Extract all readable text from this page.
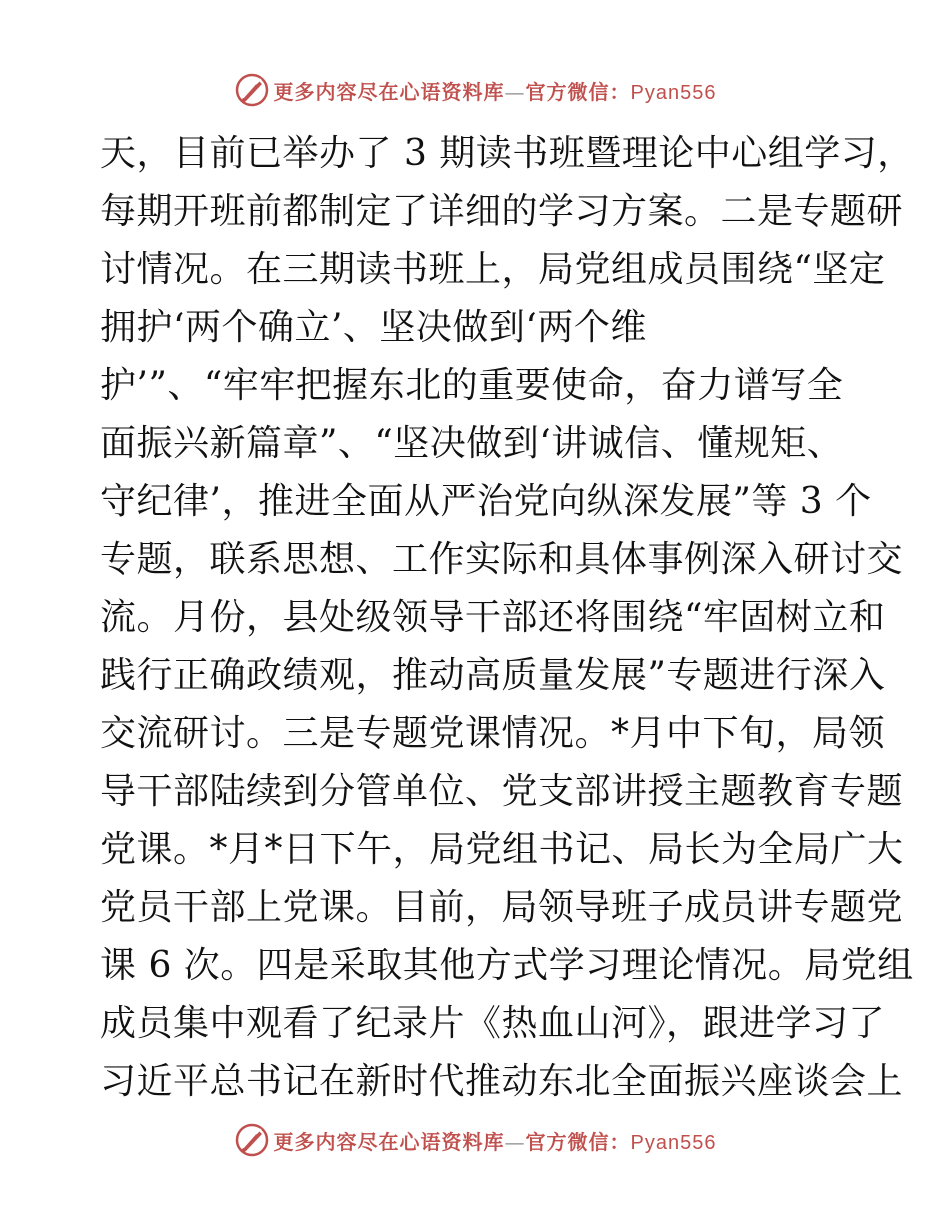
更多内容尽在心语资料库—官方微信：Pyan556
天，目前已举办了 3 期读书班暨理论中心组学习，
每期开班前都制定了详细的学习方案。二是专题研
讨情况。在三期读书班上，局党组成员围绕“坚定
拥护‘两个确立’、坚决做到‘两个维
护’”、“牢牢把握东北的重要使命，奋力谱写全
面振兴新篇章”、“坚决做到‘讲诚信、懂规矩、
守纪律’，推进全面从严治党向纵深发展”等 3 个
专题，联系思想、工作实际和具体事例深入研讨交
流。月份，县处级领导干部还将围绕“牢固树立和
践行正确政绩观，推动高质量发展”专题进行深入
交流研讨。三是专题党课情况。*月中下旬，局领
导干部陆续到分管单位、党支部讲授主题教育专题
党课。*月*日下午，局党组书记、局长为全局广大
党员干部上党课。目前，局领导班子成员讲专题党
课 6 次。四是采取其他方式学习理论情况。局党组
成员集中观看了纪录片《热血山河》，跟进学习了
习近平总书记在新时代推动东北全面振兴座谈会上
更多内容尽在心语资料库—官方微信：Pyan556
